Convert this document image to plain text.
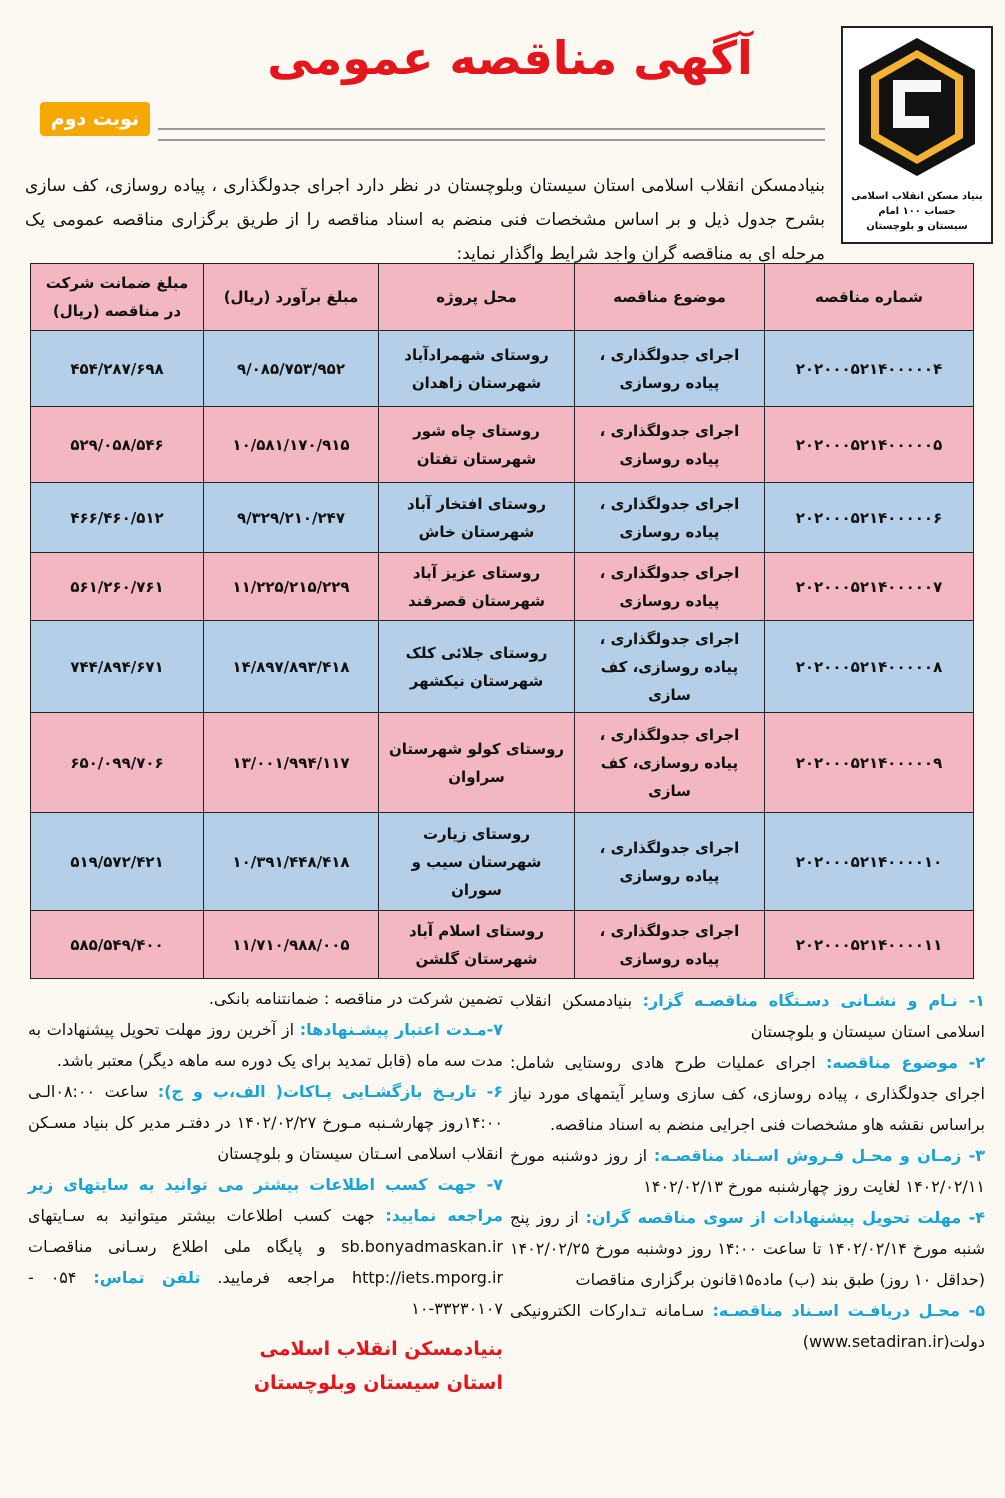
بنیاد مسکن انقلاب اسلامی
حساب ۱۰۰ امام
سیستان و بلوچستان
آگهی مناقصه عمومی
نوبت دوم

بنیادمسکن انقلاب اسلامی استان سیستان وبلوچستان در نظر دارد اجرای جدولگذاری ، پیاده روسازی، کف سازی بشرح جدول ذیل و بر اساس مشخصات فنی منضم به اسناد مناقصه را از طریق برگزاری مناقصه عمومی یک مرحله ای به مناقصه گران واجد شرایط واگذار نماید:

شماره مناقصه	موضوع مناقصه	محل پروژه	مبلغ برآورد (ریال)	مبلغ ضمانت شرکت در مناقصه (ریال)
۲۰۲۰۰۰۵۲۱۴۰۰۰۰۰۴	اجرای جدولگذاری ، پیاده روسازی	روستای شهمرادآباد شهرستان زاهدان	۹/۰۸۵/۷۵۳/۹۵۲	۴۵۴/۲۸۷/۶۹۸
۲۰۲۰۰۰۵۲۱۴۰۰۰۰۰۵	اجرای جدولگذاری ، پیاده روسازی	روستای چاه شور شهرستان تفتان	۱۰/۵۸۱/۱۷۰/۹۱۵	۵۲۹/۰۵۸/۵۴۶
۲۰۲۰۰۰۵۲۱۴۰۰۰۰۰۶	اجرای جدولگذاری ، پیاده روسازی	روستای افتخار آباد شهرستان خاش	۹/۳۲۹/۲۱۰/۲۴۷	۴۶۶/۴۶۰/۵۱۲
۲۰۲۰۰۰۵۲۱۴۰۰۰۰۰۷	اجرای جدولگذاری ، پیاده روسازی	روستای عزیز آباد شهرستان قصرقند	۱۱/۲۲۵/۲۱۵/۲۲۹	۵۶۱/۲۶۰/۷۶۱
۲۰۲۰۰۰۵۲۱۴۰۰۰۰۰۸	اجرای جدولگذاری ، پیاده روسازی، کف سازی	روستای جلائی کلک شهرستان نیکشهر	۱۴/۸۹۷/۸۹۳/۴۱۸	۷۴۴/۸۹۴/۶۷۱
۲۰۲۰۰۰۵۲۱۴۰۰۰۰۰۹	اجرای جدولگذاری ، پیاده روسازی، کف سازی	روستای کولو شهرستان سراوان	۱۳/۰۰۱/۹۹۴/۱۱۷	۶۵۰/۰۹۹/۷۰۶
۲۰۲۰۰۰۵۲۱۴۰۰۰۰۱۰	اجرای جدولگذاری ، پیاده روسازی	روستای زیارت شهرستان سیب و سوران	۱۰/۳۹۱/۴۴۸/۴۱۸	۵۱۹/۵۷۲/۴۲۱
۲۰۲۰۰۰۵۲۱۴۰۰۰۰۱۱	اجرای جدولگذاری ، پیاده روسازی	روستای اسلام آباد شهرستان گلشن	۱۱/۷۱۰/۹۸۸/۰۰۵	۵۸۵/۵۴۹/۴۰۰

۱- نـام و نشـانی دسـتگاه مناقصـه گزار: بنیادمسکن انقلاب اسلامی استان سیستان و بلوچستان

۲- موضوع مناقصه: اجرای عملیات طرح هادی روستایی شامل: اجرای جدولگذاری ، پیاده روسازی، کف سازی وسایر آیتمهای مورد نیاز براساس نقشه هاو مشخصات فنی اجرایی منضم به اسناد مناقصه.

۳- زمـان و محـل فـروش اسـناد مناقصـه: از روز دوشنبه مورخ ۱۴۰۲/۰۲/۱۱ لغایت روز چهارشنبه مورخ ۱۴۰۲/۰۲/۱۳

۴- مهلت تحویل پیشنهادات از سوی مناقصه گران: از روز پنج شنبه مورخ ۱۴۰۲/۰۲/۱۴ تا ساعت ۱۴:۰۰ روز دوشنبه مورخ ۱۴۰۲/۰۲/۲۵ (حداقل ۱۰ روز) طبق بند (ب) ماده۱۵قانون برگزاری مناقصات

۵- محـل دریافـت اسـناد مناقصـه: سـامانه تـدارکات الکترونیکی دولت(www.setadiran.ir)

تضمین شرکت در مناقصه : ضمانتنامه بانکی.

۷-مـدت اعتبار پیشـنهادها: از آخرین روز مهلت تحویل پیشنهادات به مدت سه ماه (قابل تمدید برای یک دوره سه ماهه دیگر) معتبر باشد.

۶- تاریـخ بازگشـایی پـاکات( الف،ب و ج): ساعت ۰۸:۰۰الـی ۱۴:۰۰روز چهارشـنبه مـورخ ۱۴۰۲/۰۲/۲۷ در دفتـر مدیر کل بنیاد مسـکن انقلاب اسلامی اسـتان سیستان و بلوچستان

۷- جهت کسب اطلاعات بیشتر می توانید به سایتهای زیر مراجعه نمایید: جهت کسب اطلاعات بیشتر میتوانید به سـایتهای sb.bonyadmaskan.ir و پایگاه ملی اطلاع رسـانی مناقصـات http://iets.mporg.ir مراجعه فرمایید. تلفن تماس: ۰۵۴ - ۳۳۲۳۰۱۰۷-۱۰

بنیادمسکن انقلاب اسلامی
استان سیستان وبلوچستان
